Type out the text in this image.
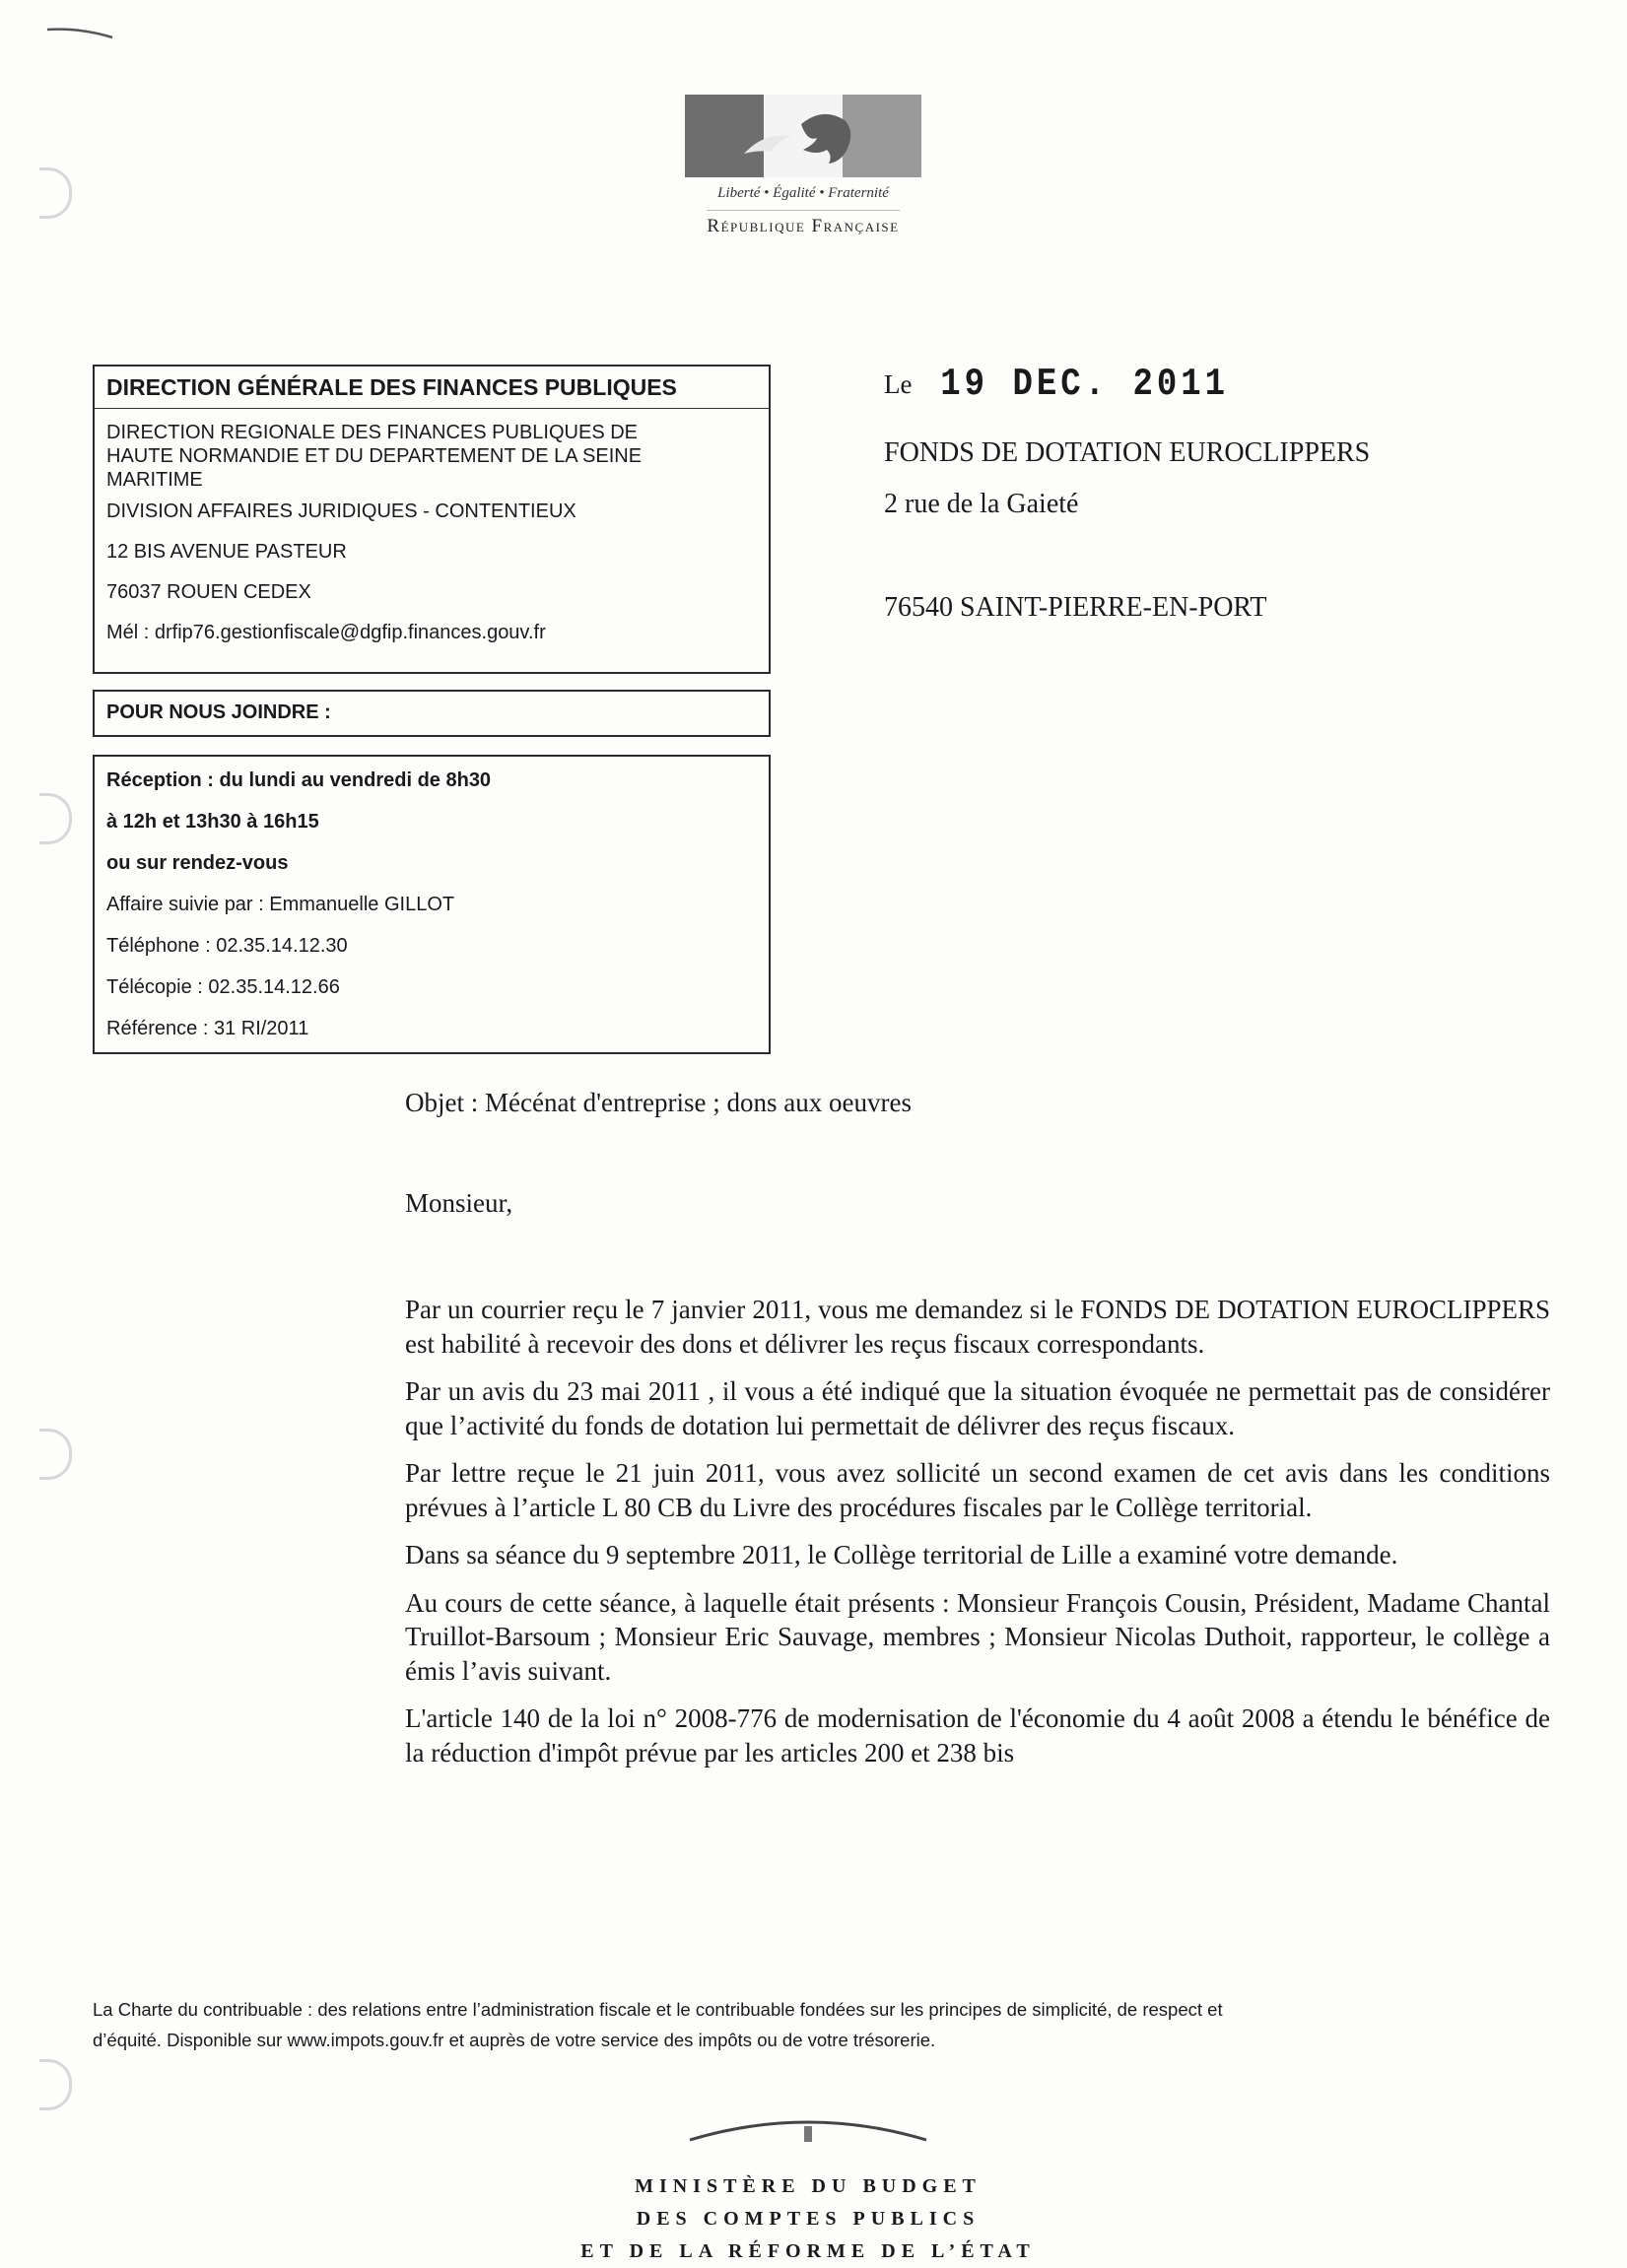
Liberté • Égalité • Fraternité
République Française

DIRECTION GÉNÉRALE DES FINANCES PUBLIQUES

DIRECTION REGIONALE DES FINANCES PUBLIQUES DE

HAUTE NORMANDIE ET DU DEPARTEMENT DE LA SEINE

MARITIME

DIVISION AFFAIRES JURIDIQUES - CONTENTIEUX

12 BIS AVENUE PASTEUR

76037 ROUEN CEDEX

Mél : drfip76.gestionfiscale@dgfip.finances.gouv.fr

POUR NOUS JOINDRE :

Réception : du lundi au vendredi de 8h30

à 12h et 13h30 à 16h15

ou sur rendez-vous

Affaire suivie par : Emmanuelle GILLOT

Téléphone : 02.35.14.12.30

Télécopie : 02.35.14.12.66

Référence : 31 RI/2011

Le 19 DEC. 2011
FONDS DE DOTATION EUROCLIPPERS
2 rue de la Gaieté
76540 SAINT-PIERRE-EN-PORT
Objet : Mécénat d'entreprise ; dons aux oeuvres
Monsieur,

Par un courrier reçu le 7 janvier 2011, vous me demandez si le FONDS DE DOTATION EUROCLIPPERS est habilité à recevoir des dons et délivrer les reçus fiscaux correspondants.

Par un avis du 23 mai 2011 , il vous a été indiqué que la situation évoquée ne permettait pas de considérer que l’activité du fonds de dotation lui permettait de délivrer des reçus fiscaux.

Par lettre reçue le 21 juin 2011, vous avez sollicité un second examen de cet avis dans les conditions prévues à l’article L 80 CB du Livre des procédures fiscales par le Collège territorial.

Dans sa séance du 9 septembre 2011, le Collège territorial de Lille a examiné votre demande.

Au cours de cette séance, à laquelle était présents : Monsieur François Cousin, Président, Madame Chantal Truillot-Barsoum ; Monsieur Eric Sauvage, membres ; Monsieur Nicolas Duthoit, rapporteur, le collège a émis l’avis suivant.

L'article 140 de la loi n° 2008-776 de modernisation de l'économie du 4 août 2008 a étendu le bénéfice de la réduction d'impôt prévue par les articles 200 et 238 bis

La Charte du contribuable : des relations entre l’administration fiscale et le contribuable fondées sur les principes de simplicité, de respect et
d’équité. Disponible sur www.impots.gouv.fr et auprès de votre service des impôts ou de votre trésorerie.
MINISTÈRE DU BUDGET
DES COMPTES PUBLICS
ET DE LA RÉFORME DE L’ÉTAT
